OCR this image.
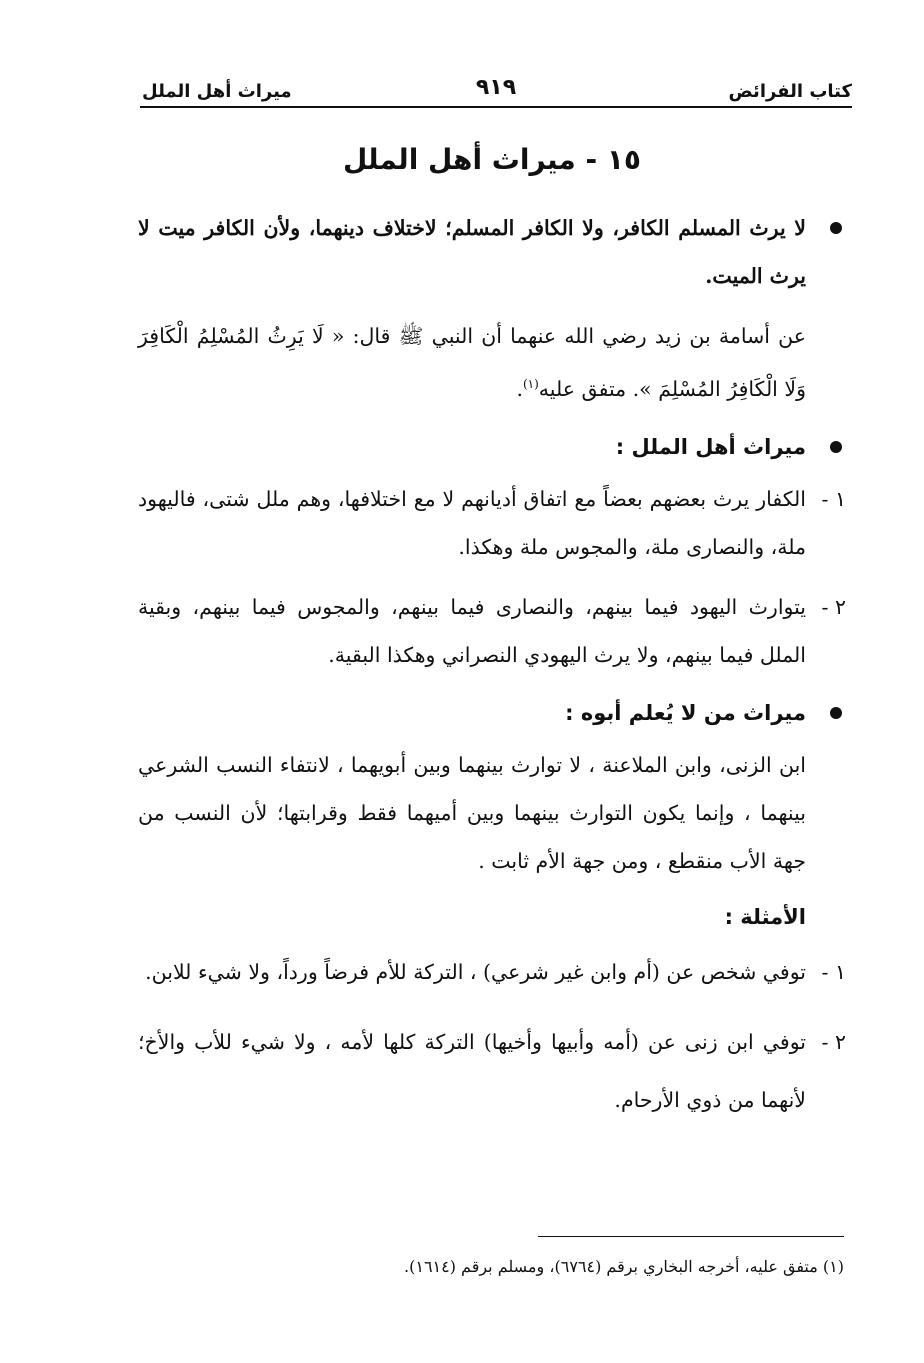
كتاب الفرائض
٩١٩
ميراث أهل الملل
١٥ - ميراث أهل الملل

لا يرث المسلم الكافر، ولا الكافر المسلم؛ لاختلاف دينهما، ولأن الكافر ميت لا يرث الميت.

عن أسامة بن زيد رضي الله عنهما أن النبي ﷺ قال: « لَا يَرِثُ المُسْلِمُ الْكَافِرَ وَلَا الْكَافِرُ المُسْلِمَ ». متفق عليه$^{(١)}$.

ميراث أهل الملل :

١ -
الكفار يرث بعضهم بعضاً مع اتفاق أديانهم لا مع اختلافها، وهم ملل شتى، فاليهود ملة، والنصارى ملة، والمجوس ملة وهكذا.

٢ -
يتوارث اليهود فيما بينهم، والنصارى فيما بينهم، والمجوس فيما بينهم، وبقية الملل فيما بينهم، ولا يرث اليهودي النصراني وهكذا البقية.

ميراث من لا يُعلم أبوه :

ابن الزنى، وابن الملاعنة ، لا توارث بينهما وبين أبويهما ، لانتفاء النسب الشرعي بينهما ، وإنما يكون التوارث بينهما وبين أميهما فقط وقرابتها؛ لأن النسب من جهة الأب منقطع ، ومن جهة الأم ثابت .

الأمثلة :

١ -
توفي شخص عن (أم وابن غير شرعي) ، التركة للأم فرضاً ورداً، ولا شيء للابن.

٢ -
توفي ابن زنى عن (أمه وأبيها وأخيها) التركة كلها لأمه ، ولا شيء للأب والأخ؛ لأنهما من ذوي الأرحام.

(١) متفق عليه، أخرجه البخاري برقم (٦٧٦٤)، ومسلم برقم (١٦١٤).
